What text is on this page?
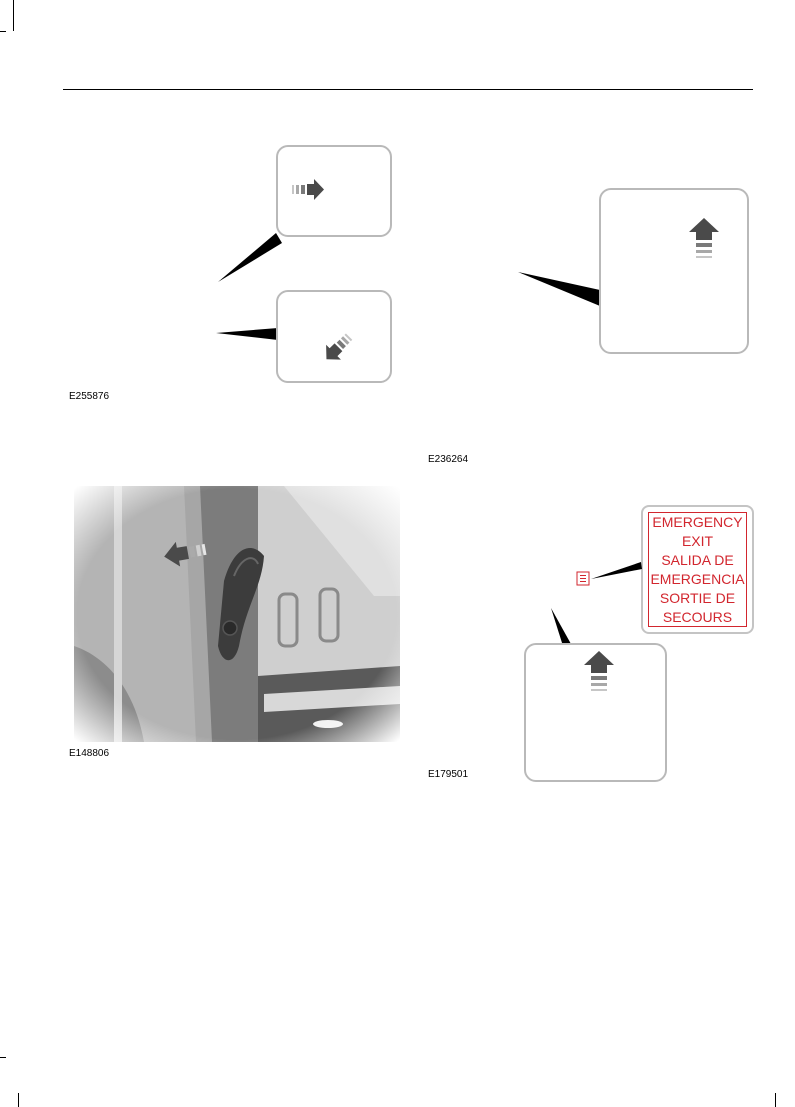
E255876
E236264
E148806
EMERGENCY
EXIT
SALIDA DE
EMERGENCIA
SORTIE DE
SECOURS
E179501
